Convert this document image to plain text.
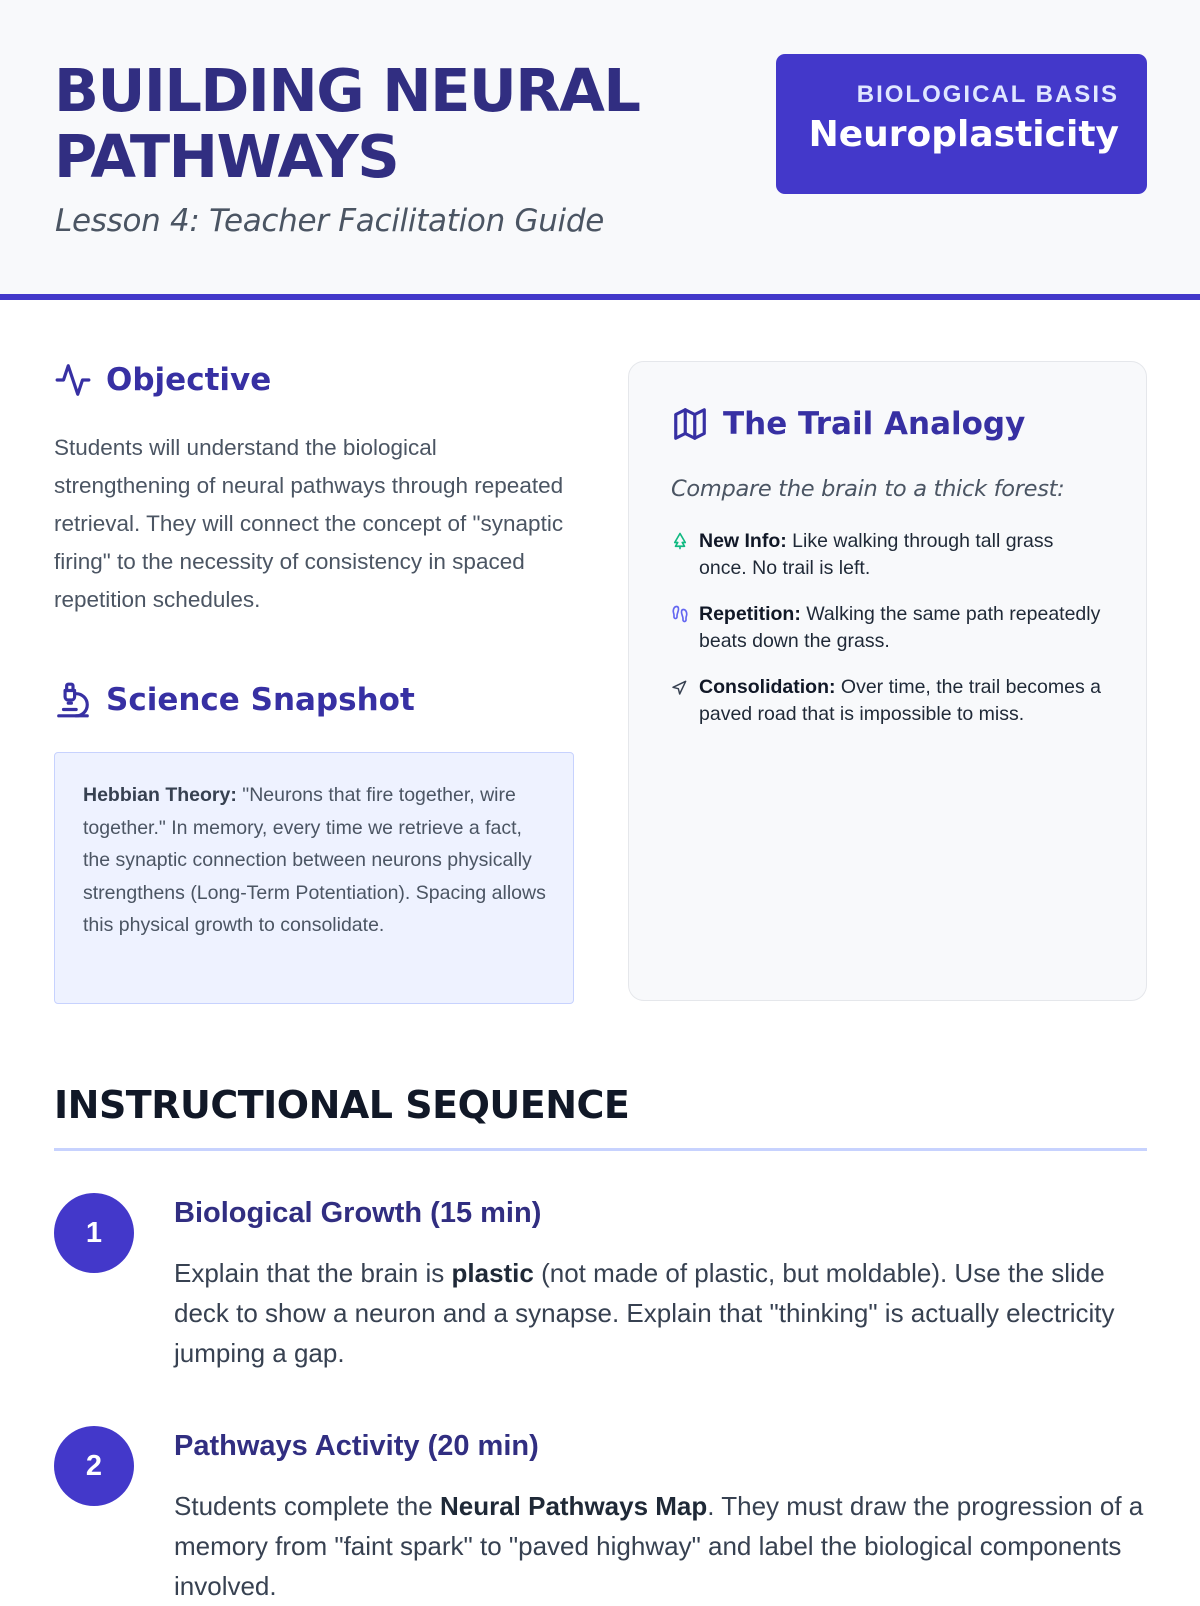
BUILDING NEURAL PATHWAYS
Lesson 4: Teacher Facilitation Guide
BIOLOGICAL BASIS
Neuroplasticity
Objective

Students will understand the biological strengthening of neural pathways through repeated retrieval. They will connect the concept of "synaptic firing" to the necessity of consistency in spaced repetition schedules.

Science Snapshot
Hebbian Theory: "Neurons that fire together, wire together." In memory, every time we retrieve a fact, the synaptic connection between neurons physically strengthens (Long-Term Potentiation). Spacing allows this physical growth to consolidate.
The Trail Analogy
Compare the brain to a thick forest:
New Info: Like walking through tall grass once. No trail is left.
Repetition: Walking the same path repeatedly beats down the grass.
Consolidation: Over time, the trail becomes a paved road that is impossible to miss.
INSTRUCTIONAL SEQUENCE
1
Biological Growth (15 min)

Explain that the brain is plastic (not made of plastic, but moldable). Use the slide deck to show a neuron and a synapse. Explain that "thinking" is actually electricity jumping a gap.

2
Pathways Activity (20 min)

Students complete the Neural Pathways Map. They must draw the progression of a memory from "faint spark" to "paved highway" and label the biological components involved.
